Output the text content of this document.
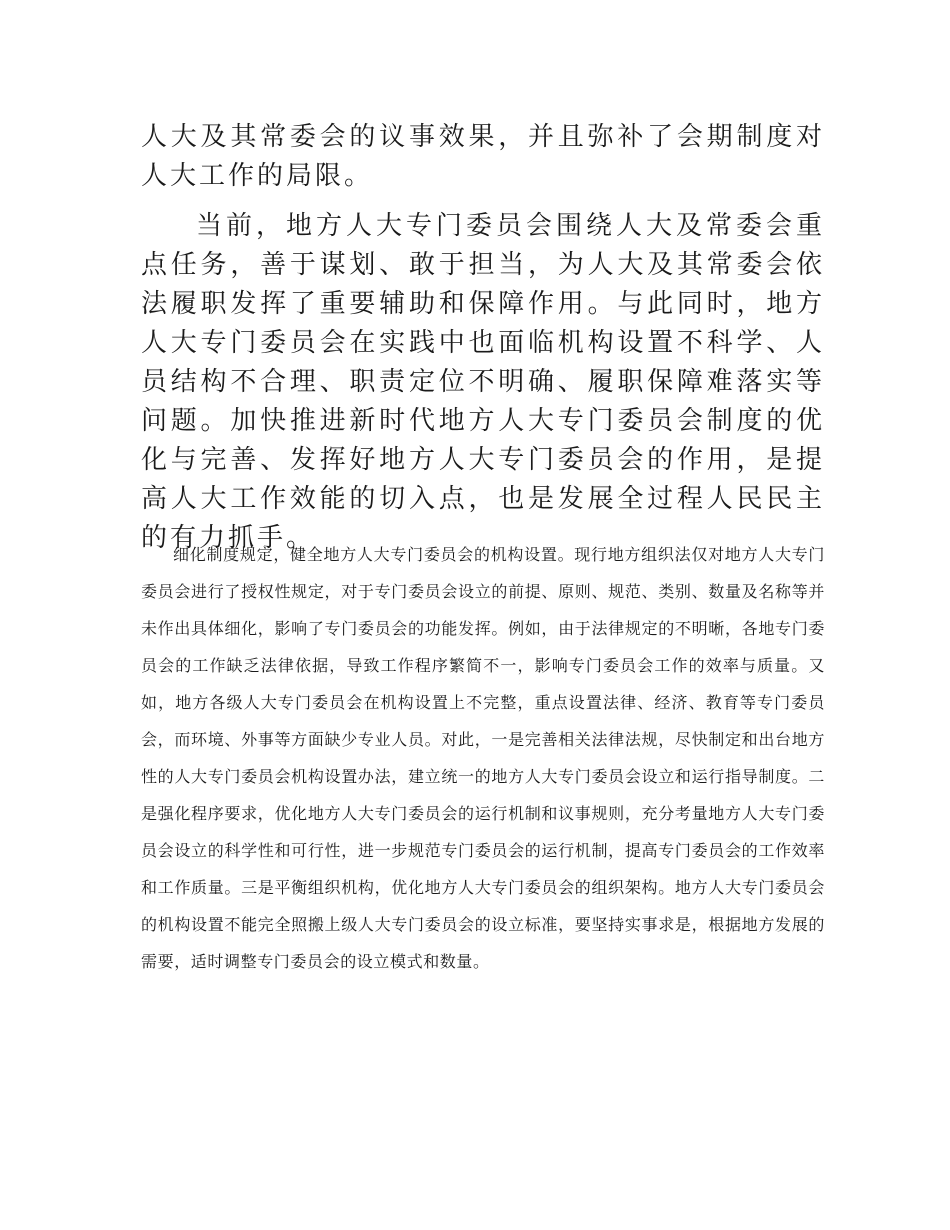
人大及其常委会的议事效果，并且弥补了会期制度对人大工作的局限。

当前，地方人大专门委员会围绕人大及常委会重点任务，善于谋划、敢于担当，为人大及其常委会依法履职发挥了重要辅助和保障作用。与此同时，地方人大专门委员会在实践中也面临机构设置不科学、人员结构不合理、职责定位不明确、履职保障难落实等问题。加快推进新时代地方人大专门委员会制度的优化与完善、发挥好地方人大专门委员会的作用，是提高人大工作效能的切入点，也是发展全过程人民民主的有力抓手。

细化制度规定，健全地方人大专门委员会的机构设置。现行地方组织法仅对地方人大专门委员会进行了授权性规定，对于专门委员会设立的前提、原则、规范、类别、数量及名称等并未作出具体细化，影响了专门委员会的功能发挥。例如，由于法律规定的不明晰，各地专门委员会的工作缺乏法律依据，导致工作程序繁简不一，影响专门委员会工作的效率与质量。又如，地方各级人大专门委员会在机构设置上不完整，重点设置法律、经济、教育等专门委员会，而环境、外事等方面缺少专业人员。对此，一是完善相关法律法规，尽快制定和出台地方性的人大专门委员会机构设置办法，建立统一的地方人大专门委员会设立和运行指导制度。二是强化程序要求，优化地方人大专门委员会的运行机制和议事规则，充分考量地方人大专门委员会设立的科学性和可行性，进一步规范专门委员会的运行机制，提高专门委员会的工作效率和工作质量。三是平衡组织机构，优化地方人大专门委员会的组织架构。地方人大专门委员会的机构设置不能完全照搬上级人大专门委员会的设立标准，要坚持实事求是，根据地方发展的需要，适时调整专门委员会的设立模式和数量。
